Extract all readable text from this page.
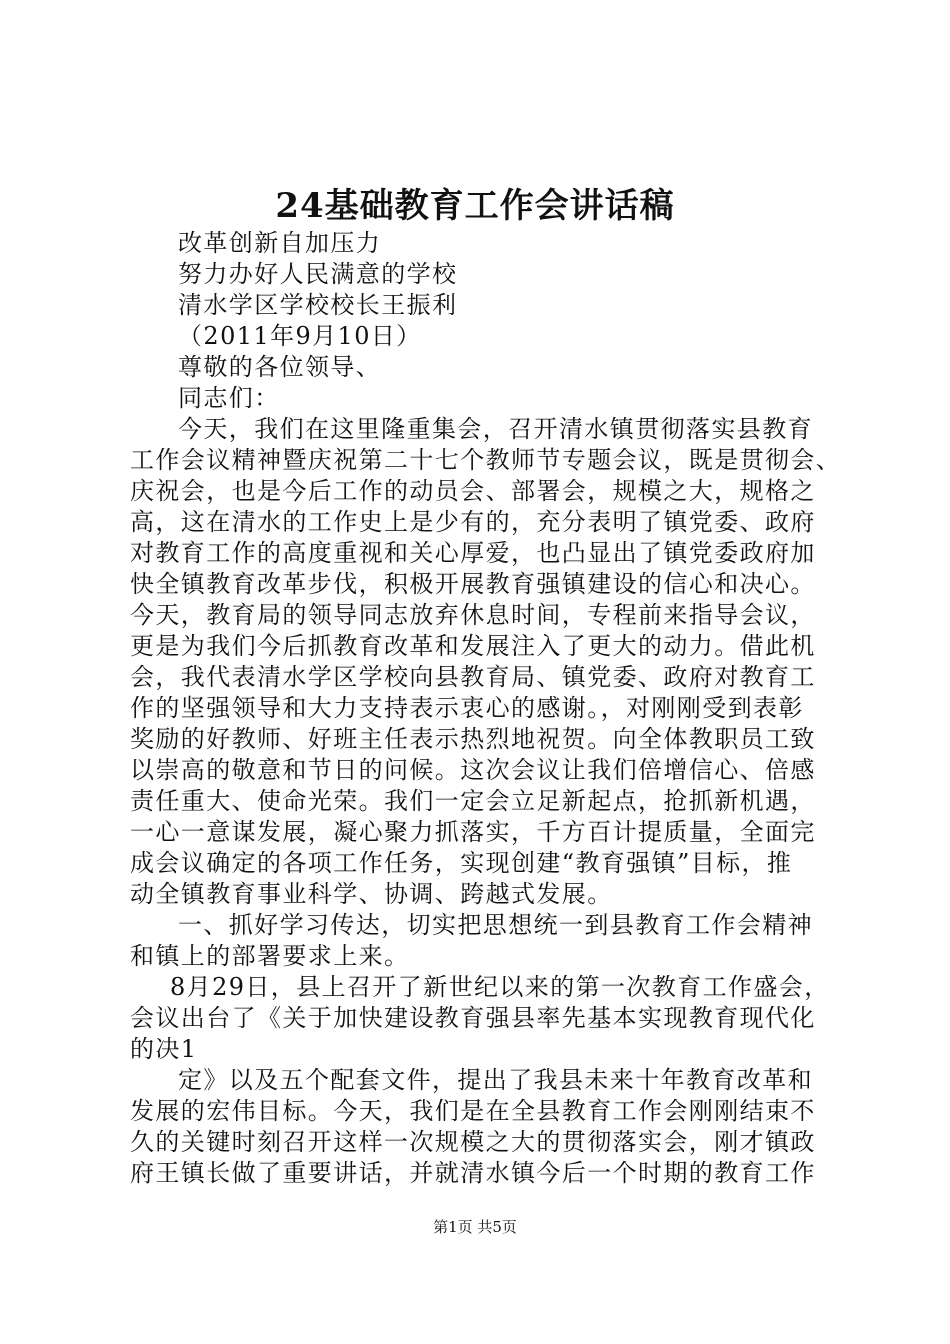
24基础教育工作会讲话稿
改革创新自加压力
努力办好人民满意的学校
清水学区学校校长王振利
（2011年9月10日）
尊敬的各位领导、
同志们：
今天，我们在这里隆重集会，召开清水镇贯彻落实县教育
工作会议精神暨庆祝第二十七个教师节专题会议，既是贯彻会、
庆祝会，也是今后工作的动员会、部署会，规模之大，规格之
高，这在清水的工作史上是少有的，充分表明了镇党委、政府
对教育工作的高度重视和关心厚爱，也凸显出了镇党委政府加
快全镇教育改革步伐，积极开展教育强镇建设的信心和决心。
今天，教育局的领导同志放弃休息时间，专程前来指导会议，
更是为我们今后抓教育改革和发展注入了更大的动力。借此机
会，我代表清水学区学校向县教育局、镇党委、政府对教育工
作的坚强领导和大力支持表示衷心的感谢。，对刚刚受到表彰
奖励的好教师、好班主任表示热烈地祝贺。向全体教职员工致
以崇高的敬意和节日的问候。这次会议让我们倍增信心、倍感
责任重大、使命光荣。我们一定会立足新起点，抢抓新机遇，
一心一意谋发展，凝心聚力抓落实，千方百计提质量，全面完
成会议确定的各项工作任务，实现创建“教育强镇”目标，推
动全镇教育事业科学、协调、跨越式发展。
一、抓好学习传达，切实把思想统一到县教育工作会精神
和镇上的部署要求上来。
8月29日，县上召开了新世纪以来的第一次教育工作盛会，
会议出台了《关于加快建设教育强县率先基本实现教育现代化
的决1
定》以及五个配套文件，提出了我县未来十年教育改革和
发展的宏伟目标。今天，我们是在全县教育工作会刚刚结束不
久的关键时刻召开这样一次规模之大的贯彻落实会，刚才镇政
府王镇长做了重要讲话，并就清水镇今后一个时期的教育工作
第1页 共5页
